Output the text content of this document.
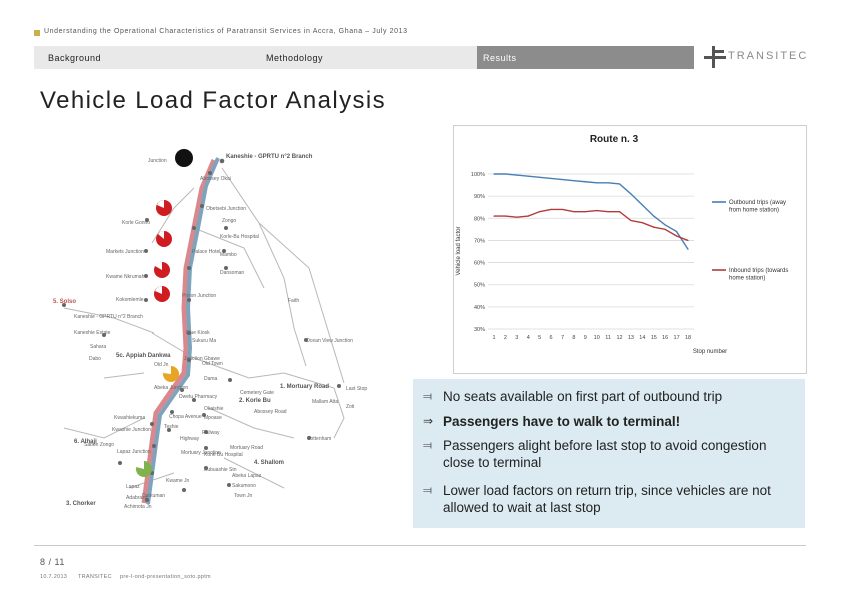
Understanding the Operational Characteristics of Paratransit Services in Accra, Ghana – July 2013
Background	Methodology	Results	TRANSITEC
Vehicle Load Factor Analysis
Junction
Abossey Okai
Obetsebi Junction
Korle Gonno	Zongo
Markets Junction
Korle-Bu Hospital
Palace Hotel Mambo
Kwame Nkrumah
Dansoman
Kokomlemle
Prison Junction
Blue Kiosk
Faith
Kaneshie Estate
Sahara
Ocean View Junction
Junction Gbawe
Abeka Junction
Dama
Dwetu Pharmacy
Kwashiekuma	Chopa Avenue Mpoase
Kwashie Junction	Teshie
Railway
Highway
Mortuary Junction
Korle Bu Hospital
Lapaz Junction
Bubuashie Stn
Lapaz
Kwame Jn
Sakumono
Adabraka
Darkuman
Achimota Jn
Okaishie	Abossey Road
Tottenham
Cemetery Gate
Last Stop
Sukuru Ma
Mallam Atta
Mortuary Road
Old Town
Dabo
Old Jn
Zoti
Abeka Lapaz
Town Jn
Sabon Zongo
Kaneshie - GPRTU n°2 Branch
Kaneshie - GPRTU n°2 Branch
5. Solso
5c. Appiah Dankwa
1. Mortuary Road
2. Korle Bu
6. Alhaji
4. Shallom
3. Chorker
Route n. 3
Stop number
Vehicle load factor
100%
90%
80%
70%
60%
50%
40%
30%
1 2 3 4 5 6 7 8 9 10 11 12 13 14 15 16 17 18
Outbound trips (away from home station)
Inbound trips (towards home station)
⫤ No seats available on first part of outbound trip
⇒ Passengers have to walk to terminal!
⫤ Passengers alight before last stop to avoid congestion close to terminal
⫤ Lower load factors on return trip, since vehicles are not allowed to wait at last stop
8 / 11
10.7.2013 TRANSITEC pre-l-ond-presentation_soto.pptm
